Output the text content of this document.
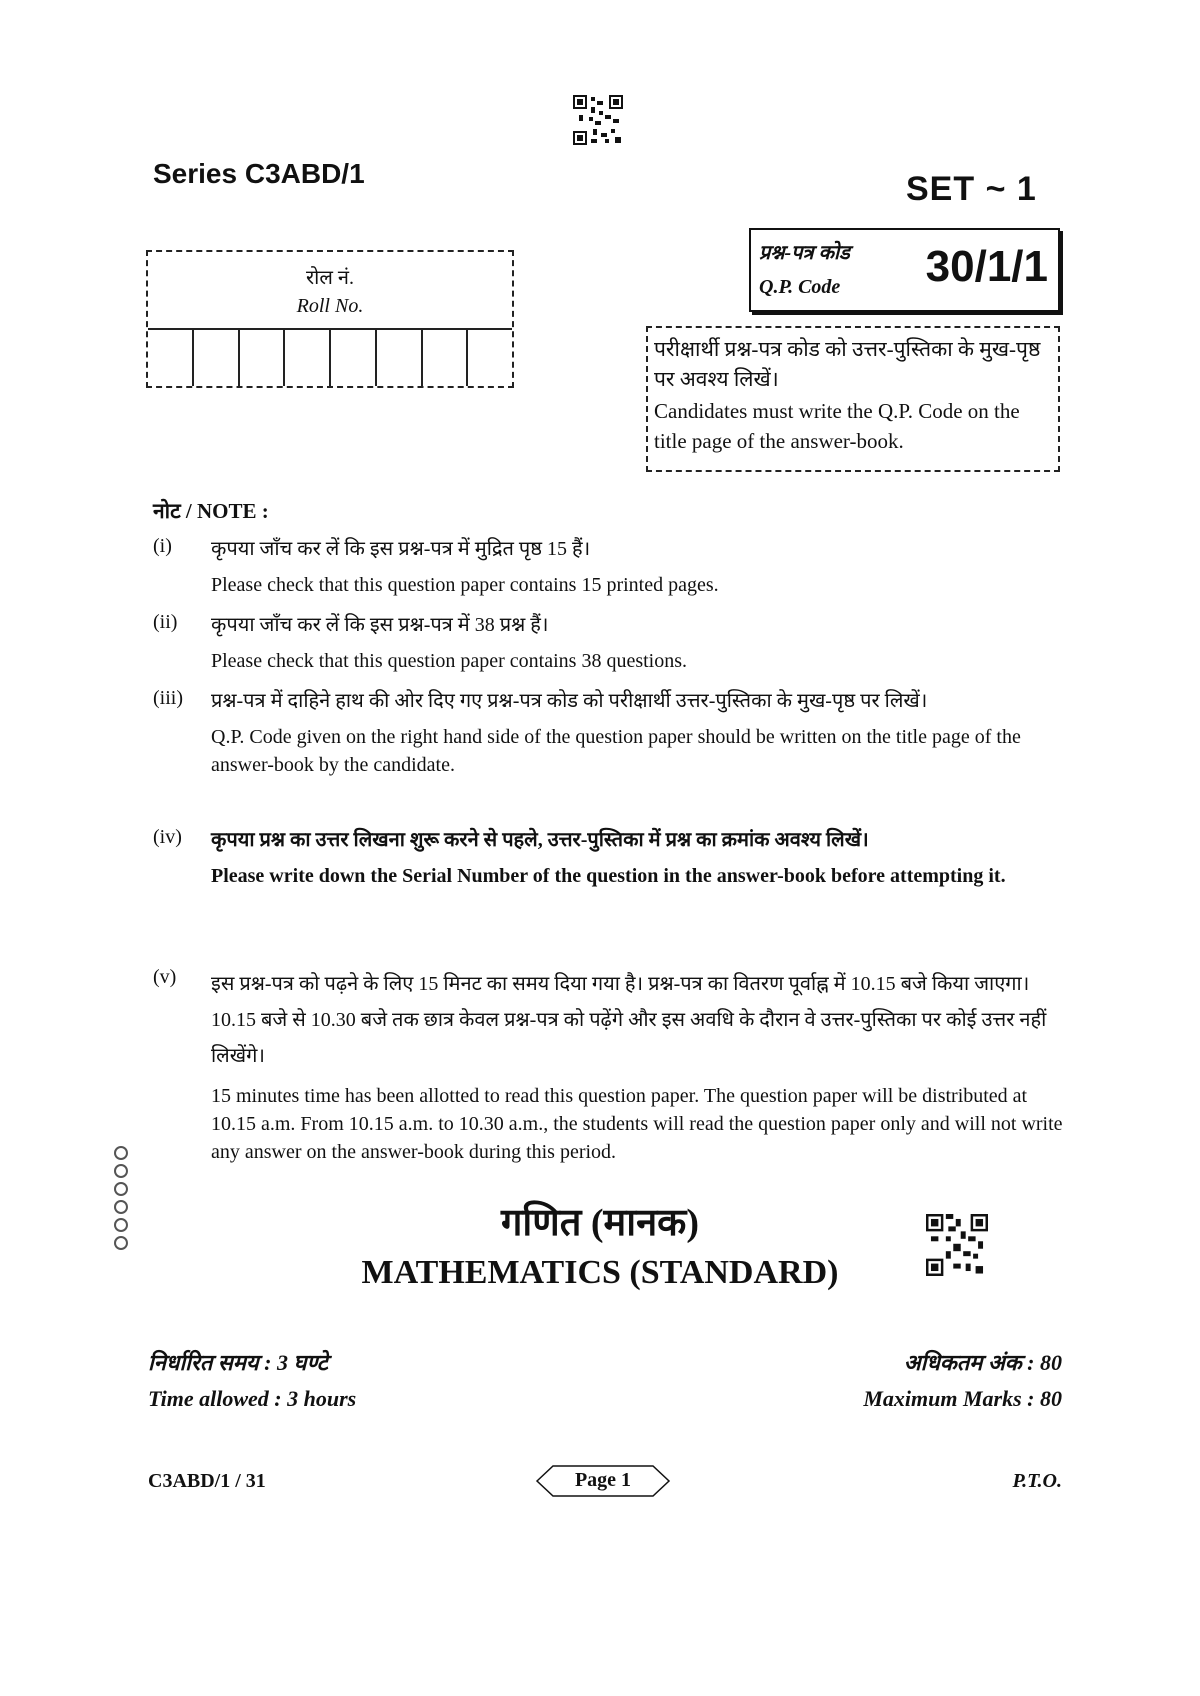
Series C3ABD/1	SET ~ 1
रोल नं.
Roll No.
प्रश्न-पत्र कोड
Q.P. Code 30/1/1
परीक्षार्थी प्रश्न-पत्र कोड को उत्तर-पुस्तिका के मुख-पृष्ठ पर अवश्य लिखें।
Candidates must write the Q.P. Code on the title page of the answer-book.
नोट / NOTE :
(i)	कृपया जाँच कर लें कि इस प्रश्न-पत्र में मुद्रित पृष्ठ 15 हैं।

Please check that this question paper contains 15 printed pages.

(ii)	कृपया जाँच कर लें कि इस प्रश्न-पत्र में 38 प्रश्न हैं।

Please check that this question paper contains 38 questions.

(iii)	प्रश्न-पत्र में दाहिने हाथ की ओर दिए गए प्रश्न-पत्र कोड को परीक्षार्थी उत्तर-पुस्तिका के मुख-पृष्ठ पर लिखें।

Q.P. Code given on the right hand side of the question paper should be written on the title page of the answer-book by the candidate.

(iv)	कृपया प्रश्न का उत्तर लिखना शुरू करने से पहले, उत्तर-पुस्तिका में प्रश्न का क्रमांक अवश्य लिखें।

Please write down the Serial Number of the question in the answer-book before attempting it.

(v)	इस प्रश्न-पत्र को पढ़ने के लिए 15 मिनट का समय दिया गया है। प्रश्न-पत्र का वितरण पूर्वाह्न में 10.15 बजे किया जाएगा। 10.15 बजे से 10.30 बजे तक छात्र केवल प्रश्न-पत्र को पढ़ेंगे और इस अवधि के दौरान वे उत्तर-पुस्तिका पर कोई उत्तर नहीं लिखेंगे।

15 minutes time has been allotted to read this question paper. The question paper will be distributed at 10.15 a.m. From 10.15 a.m. to 10.30 a.m., the students will read the question paper only and will not write any answer on the answer-book during this period.

गणित (मानक)
MATHEMATICS (STANDARD)
निर्धारित समय : 3 घण्टे
Time allowed : 3 hours
अधिकतम अंक : 80
Maximum Marks : 80
C3ABD/1 / 31	Page 1	P.T.O.
